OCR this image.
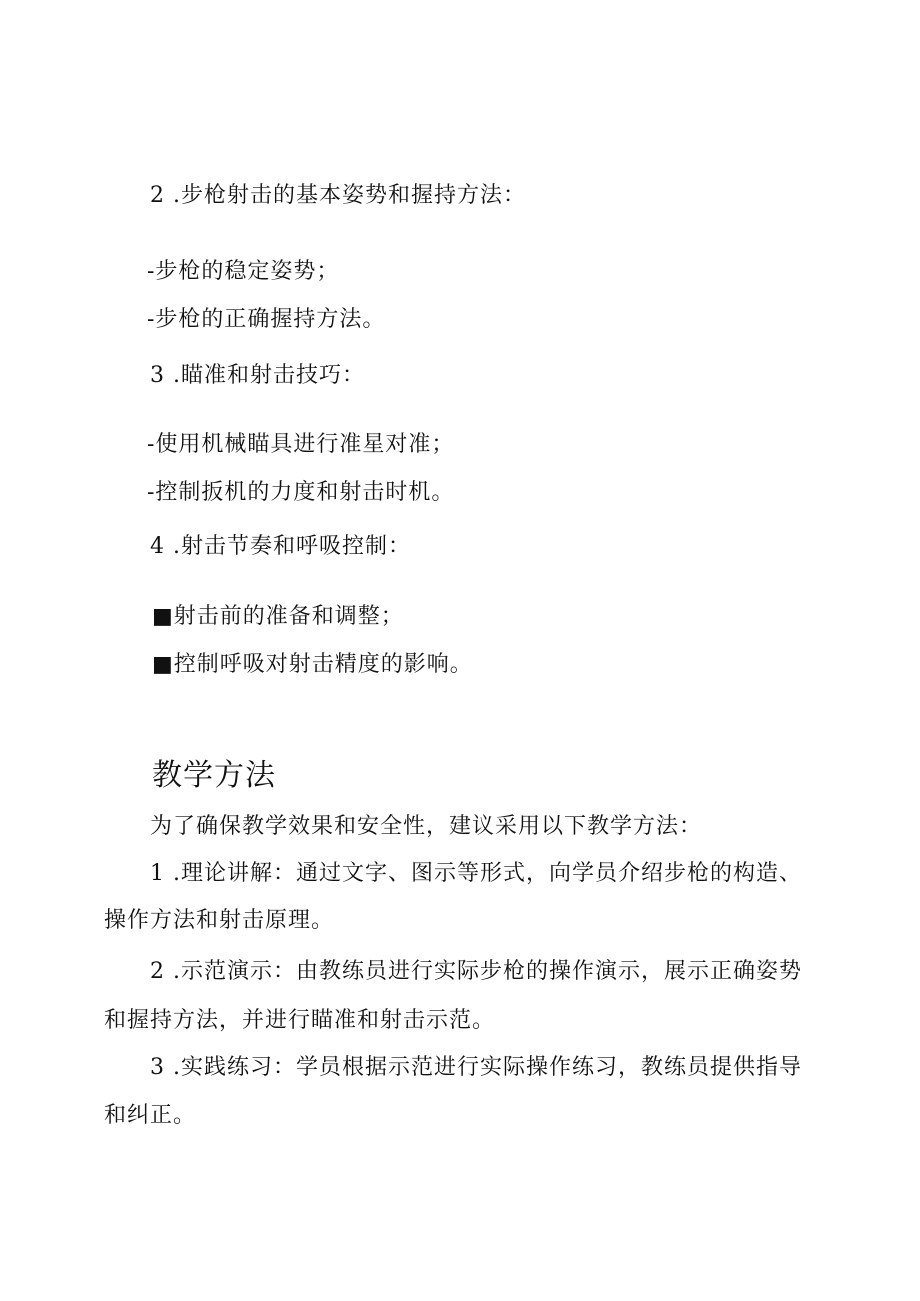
2 .步枪射击的基本姿势和握持方法：
-步枪的稳定姿势；
-步枪的正确握持方法。
3 .瞄准和射击技巧：
-使用机械瞄具进行准星对准；
-控制扳机的力度和射击时机。
4 .射击节奏和呼吸控制：
■射击前的准备和调整；
■控制呼吸对射击精度的影响。
教学方法
为了确保教学效果和安全性，建议采用以下教学方法：
1 .理论讲解：通过文字、图示等形式，向学员介绍步枪的构造、
操作方法和射击原理。
2 .示范演示：由教练员进行实际步枪的操作演示，展示正确姿势
和握持方法，并进行瞄准和射击示范。
3 .实践练习：学员根据示范进行实际操作练习，教练员提供指导
和纠正。
